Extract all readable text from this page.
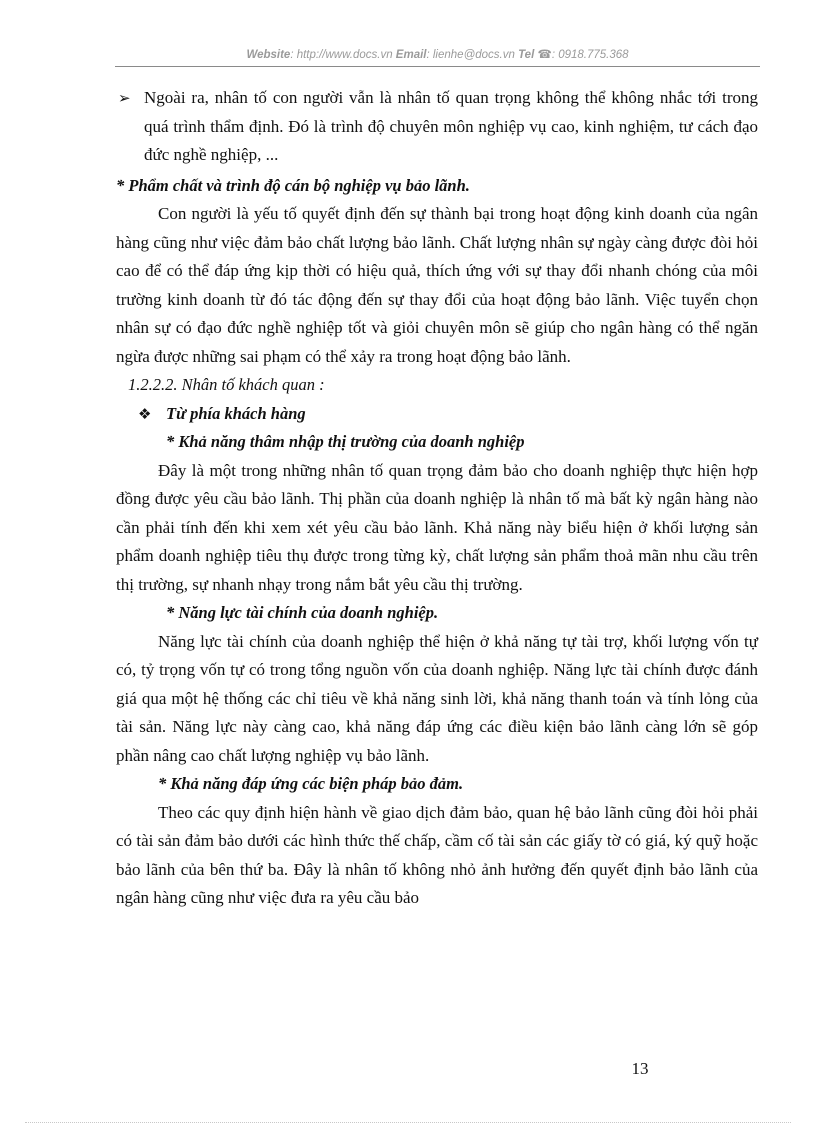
Website: http://www.docs.vn Email: lienhe@docs.vn Tel ☎: 0918.775.368
➢ Ngoài ra, nhân tố con người vẫn là nhân tố quan trọng không thể không nhắc tới trong quá trình thẩm định. Đó là trình độ chuyên môn nghiệp vụ cao, kinh nghiệm, tư cách đạo đức nghề nghiệp, ...

* Phẩm chất và trình độ cán bộ nghiệp vụ bảo lãnh.

Con người là yếu tố quyết định đến sự thành bại trong hoạt động kinh doanh của ngân hàng cũng như việc đảm bảo chất lượng bảo lãnh. Chất lượng nhân sự ngày càng được đòi hỏi cao để có thể đáp ứng kịp thời có hiệu quả, thích ứng với sự thay đổi nhanh chóng của môi trường kinh doanh từ đó tác động đến sự thay đổi của hoạt động bảo lãnh. Việc tuyển chọn nhân sự có đạo đức nghề nghiệp tốt và giỏi chuyên môn sẽ giúp cho ngân hàng có thể ngăn ngừa được những sai phạm có thể xảy ra trong hoạt động bảo lãnh.

1.2.2.2. Nhân tố khách quan :

❖ Từ phía khách hàng

* Khả năng thâm nhập thị trường của doanh nghiệp

Đây là một trong những nhân tố quan trọng đảm bảo cho doanh nghiệp thực hiện hợp đồng được yêu cầu bảo lãnh. Thị phần của doanh nghiệp là nhân tố mà bất kỳ ngân hàng nào cần phải tính đến khi xem xét yêu cầu bảo lãnh. Khả năng này biểu hiện ở khối lượng sản phẩm doanh nghiệp tiêu thụ được trong từng kỳ, chất lượng sản phẩm thoả mãn nhu cầu trên thị trường, sự nhanh nhạy trong nắm bắt yêu cầu thị trường.

* Năng lực tài chính của doanh nghiệp.

Năng lực tài chính của doanh nghiệp thể hiện ở khả năng tự tài trợ, khối lượng vốn tự có, tỷ trọng vốn tự có trong tổng nguồn vốn của doanh nghiệp. Năng lực tài chính được đánh giá qua một hệ thống các chỉ tiêu về khả năng sinh lời, khả năng thanh toán và tính lỏng của tài sản. Năng lực này càng cao, khả năng đáp ứng các điều kiện bảo lãnh càng lớn sẽ góp phần nâng cao chất lượng nghiệp vụ bảo lãnh.

* Khả năng đáp ứng các biện pháp bảo đảm.

Theo các quy định hiện hành về giao dịch đảm bảo, quan hệ bảo lãnh cũng đòi hỏi phải có tài sản đảm bảo dưới các hình thức thế chấp, cầm cố tài sản các giấy tờ có giá, ký quỹ hoặc bảo lãnh của bên thứ ba. Đây là nhân tố không nhỏ ảnh hưởng đến quyết định bảo lãnh của ngân hàng cũng như việc đưa ra yêu cầu bảo

13
